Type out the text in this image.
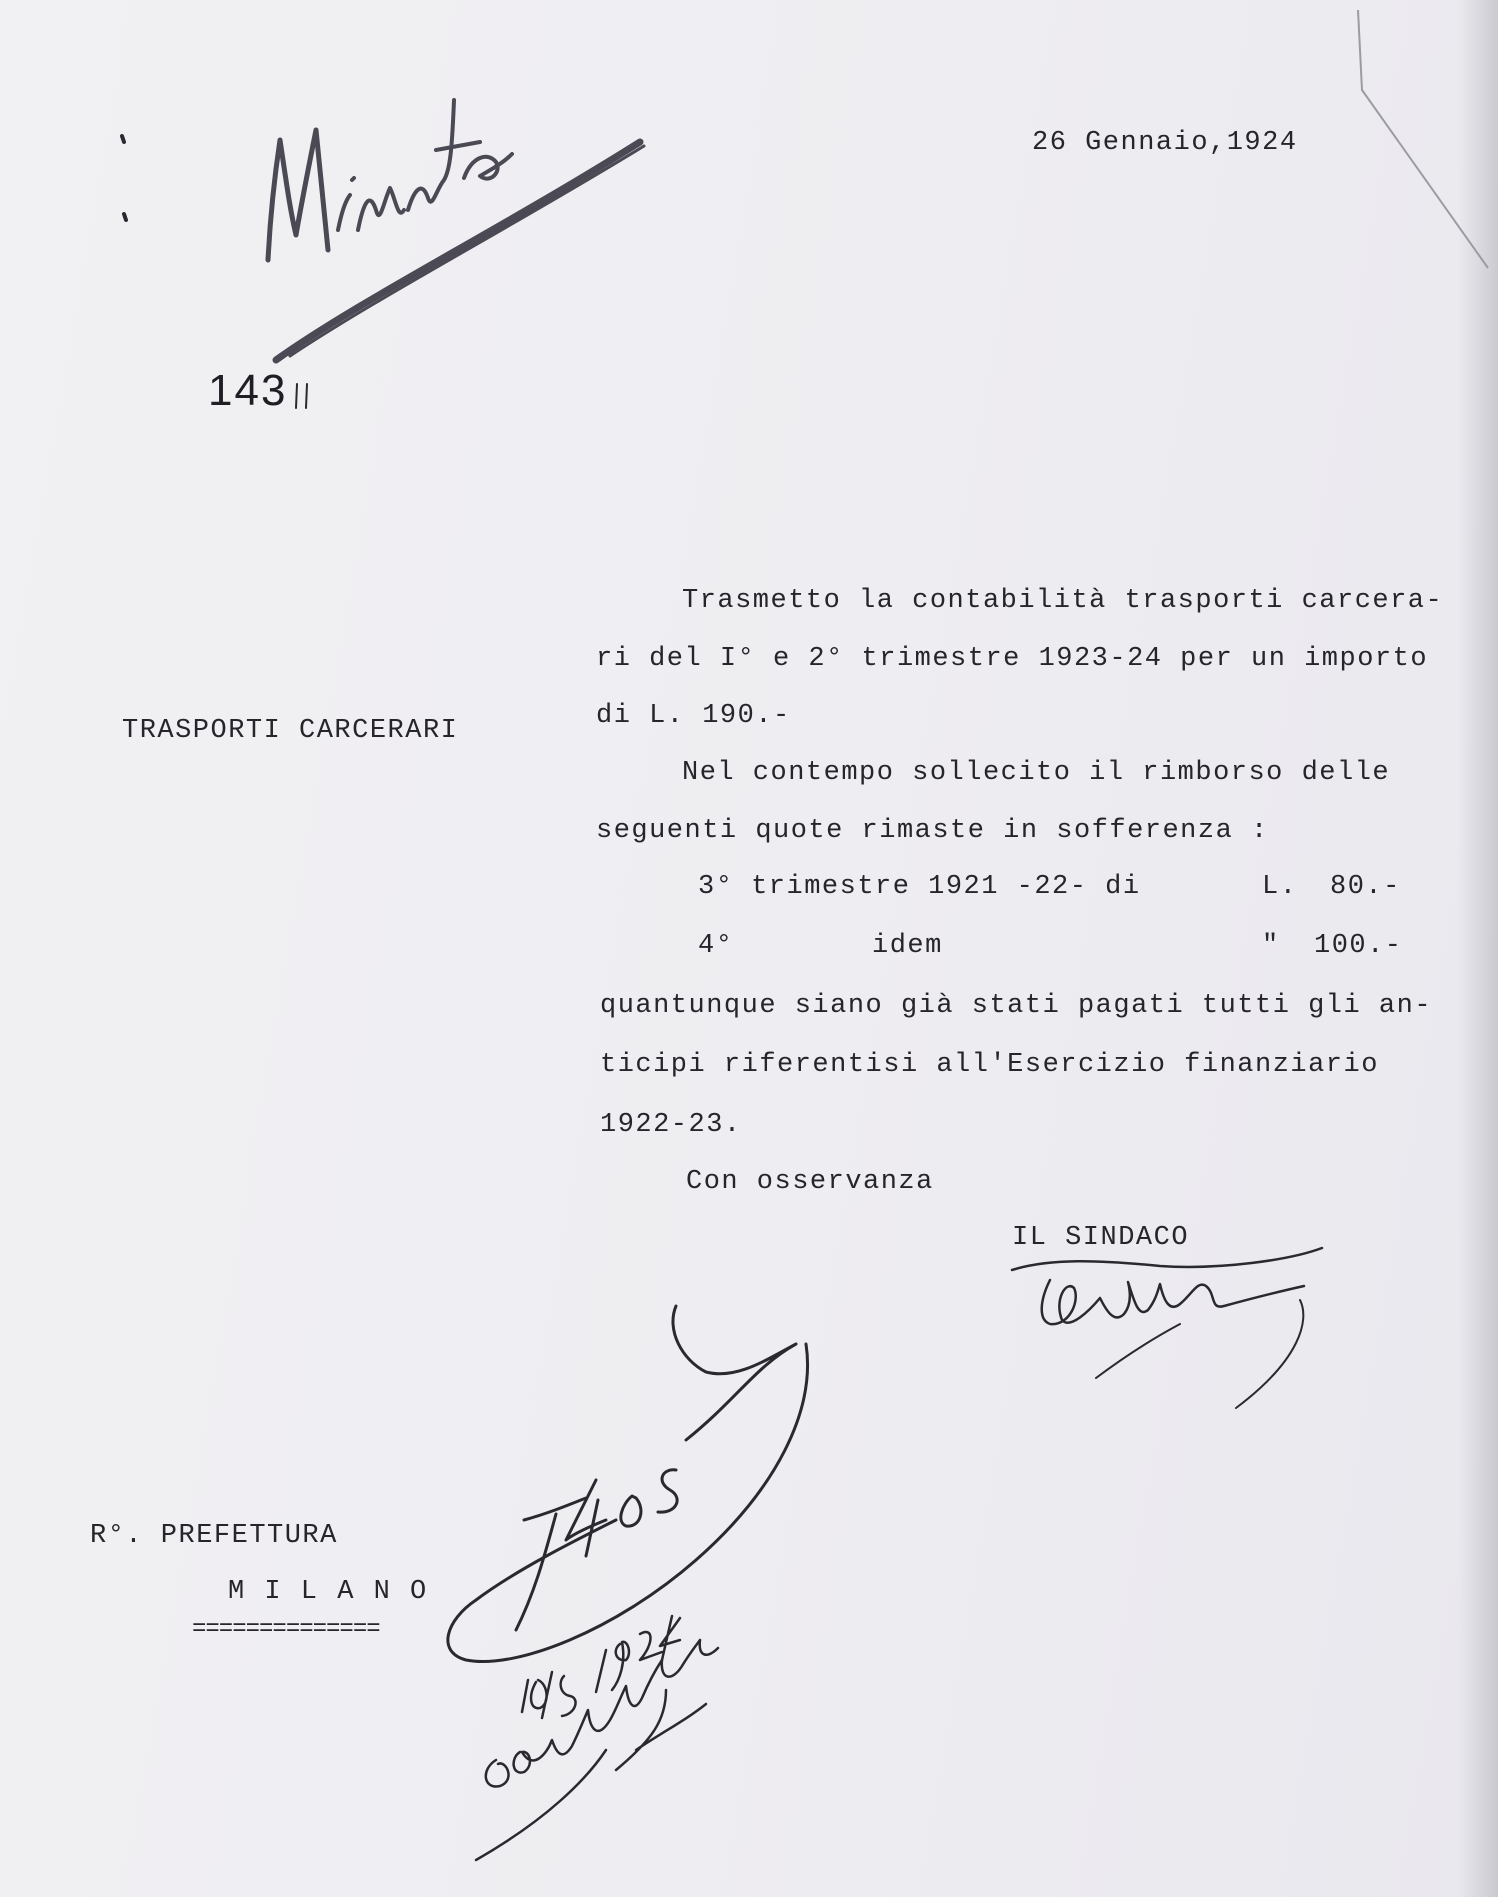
143
26 Gennaio,1924
TRASPORTI CARCERARI
Trasmetto la contabilità trasporti carcera-
ri del I° e 2° trimestre 1923-24 per un importo
di L. 190.-
Nel contempo sollecito il rimborso delle
seguenti quote rimaste in sofferenza :
3° trimestre 1921 -22- di	L. 80.-
4°	idem	" 100.-
quantunque siano già stati pagati tutti gli an-
ticipi riferentisi all'Esercizio finanziario
1922-23.
Con osservanza
IL SINDACO
R°. PREFETTURA
M I L A N O
==============
